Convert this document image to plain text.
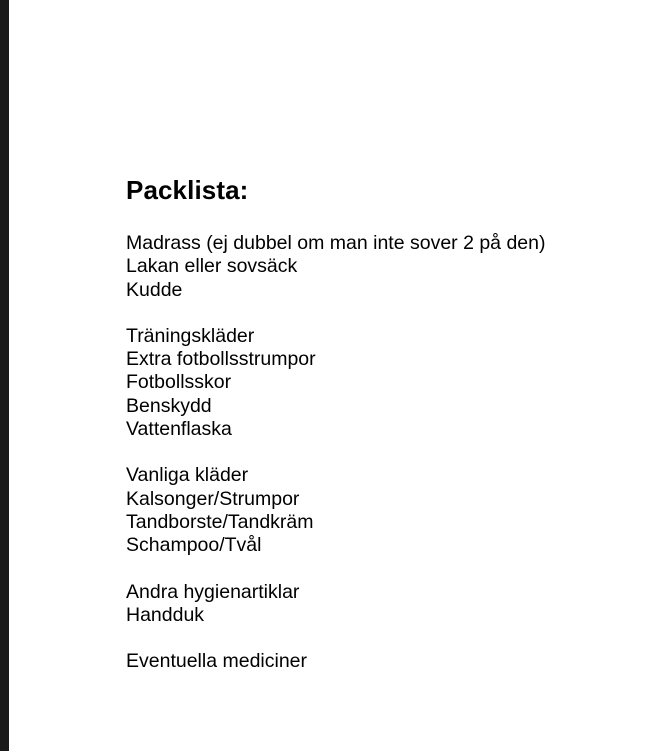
Packlista:
Madrass (ej dubbel om man inte sover 2 på den)
Lakan eller sovsäck
Kudde
Träningskläder
Extra fotbollsstrumpor
Fotbollsskor
Benskydd
Vattenflaska
Vanliga kläder
Kalsonger/Strumpor
Tandborste/Tandkräm
Schampoo/Tvål
Andra hygienartiklar
Handduk
Eventuella mediciner
